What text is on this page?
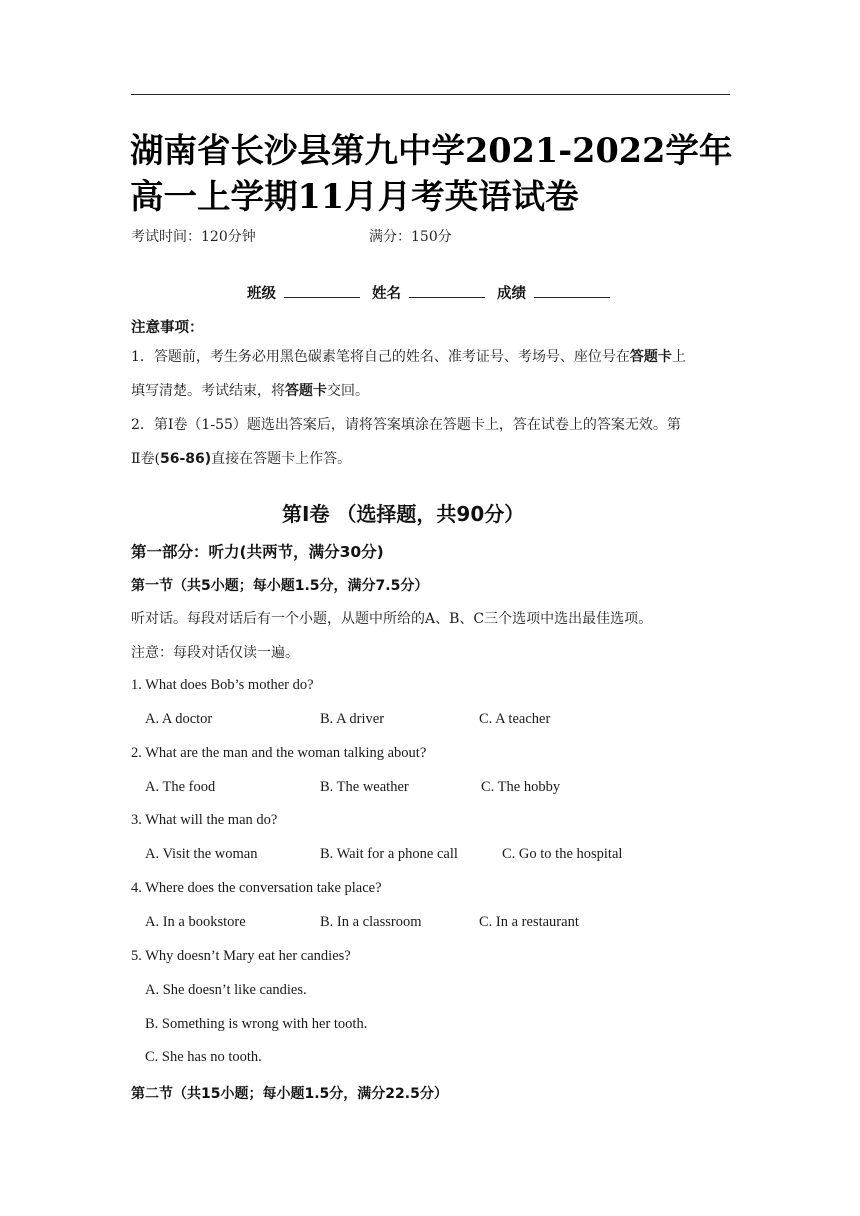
湖南省长沙县第九中学2021-2022学年高一上学期11月月考英语试卷
考试时间：120分钟	满分：150分
班级	姓名	成绩
注意事项：
1．答题前，考生务必用黑色碳素笔将自己的姓名、准考证号、考场号、座位号在答题卡上
填写清楚。考试结束，将答题卡交回。
2．第Ⅰ卷（1-55）题选出答案后，请将答案填涂在答题卡上，答在试卷上的答案无效。第
Ⅱ卷(56-86)直接在答题卡上作答。
第Ⅰ卷 （选择题，共90分）
第一部分：听力(共两节，满分30分)
第一节（共5小题；每小题1.5分，满分7.5分）
听对话。每段对话后有一个小题，从题中所给的A、B、C三个选项中选出最佳选项。
注意：每段对话仅读一遍。
1. What does Bob’s mother do?
A. A doctor	B. A driver	C. A teacher
2. What are the man and the woman talking about?
A. The food	B. The weather	C. The hobby
3. What will the man do?
A. Visit the woman	B. Wait for a phone call	C. Go to the hospital
4. Where does the conversation take place?
A. In a bookstore	B. In a classroom	C. In a restaurant
5. Why doesn’t Mary eat her candies?
A. She doesn’t like candies.
B. Something is wrong with her tooth.
C. She has no tooth.
第二节（共15小题；每小题1.5分，满分22.5分）
